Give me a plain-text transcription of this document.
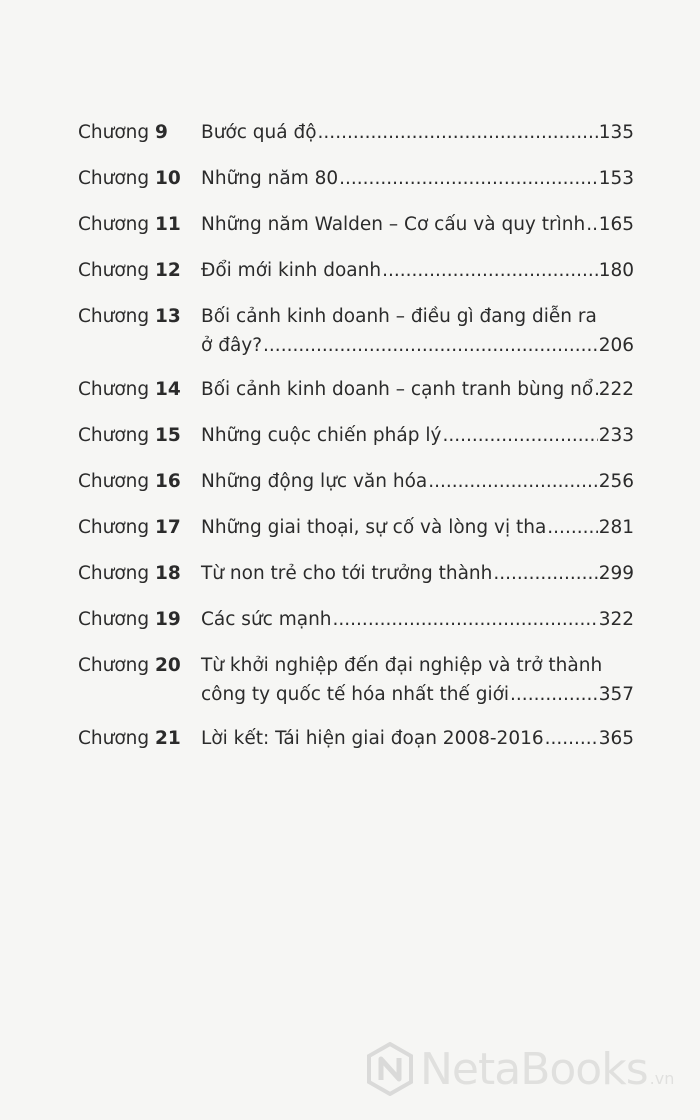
Chương 9	Bước quá độ .....	135
Chương 10	Những năm 80 .....	153
Chương 11	Những năm Walden – Cơ cấu và quy trình ..... 165
Chương 12	Đổi mới kinh doanh .....	180
Chương 13	Bối cảnh kinh doanh – điều gì đang diễn ra
ở đây? .....	206
Chương 14	Bối cảnh kinh doanh – cạnh tranh bùng nổ ..... 222
Chương 15	Những cuộc chiến pháp lý .....	233
Chương 16	Những động lực văn hóa .....	256
Chương 17	Những giai thoại, sự cố và lòng vị tha .....	281
Chương 18	Từ non trẻ cho tới trưởng thành .....	299
Chương 19	Các sức mạnh .....	322
Chương 20	Từ khởi nghiệp đến đại nghiệp và trở thành
công ty quốc tế hóa nhất thế giới .....	357
Chương 21	Lời kết: Tái hiện giai đoạn 2008-2016 .....	365
NetaBooks .vn
